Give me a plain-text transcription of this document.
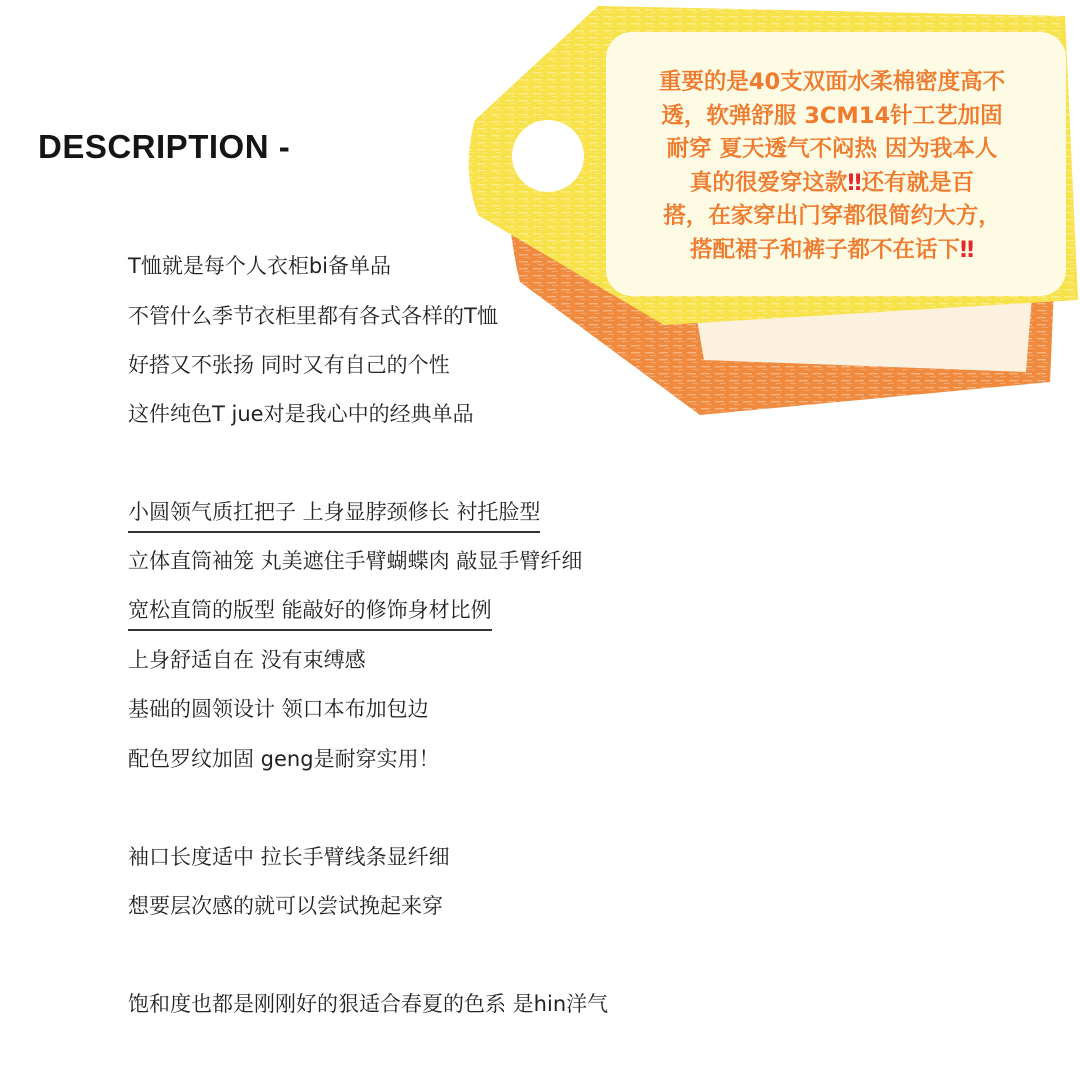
DESCRIPTION -
T恤就是每个人衣柜bi备单品
不管什么季节衣柜里都有各式各样的T恤
好搭又不张扬 同时又有自己的个性
这件纯色T jue对是我心中的经典单品
小圆领气质扛把子 上身显脖颈修长 衬托脸型
立体直筒袖笼 丸美遮住手臂蝴蝶肉 敲显手臂纤细
宽松直筒的版型 能敲好的修饰身材比例
上身舒适自在 没有束缚感
基础的圆领设计 领口本布加包边
配色罗纹加固 geng是耐穿实用！
袖口长度适中 拉长手臂线条显纤细
想要层次感的就可以尝试挽起来穿
饱和度也都是刚刚好的狠适合春夏的色系 是hin洋气
重要的是40支双面水柔棉密度高不
透，软弹舒服 3CM14针工艺加固
耐穿 夏天透气不闷热 因为我本人
真的很爱穿这款‼还有就是百
搭，在家穿出门穿都很简约大方，
搭配裙子和裤子都不在话下‼
